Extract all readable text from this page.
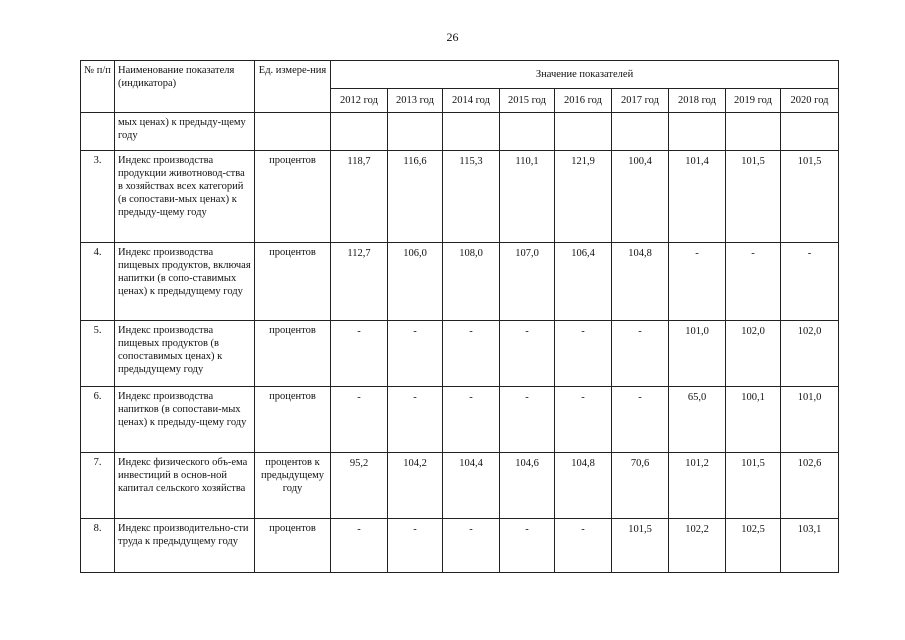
26
№ п/п	Наименование показателя (индикатора)	Ед. измере-ния	Значение показателей								
			2012 год	2013 год	2014 год	2015 год	2016 год	2017 год	2018 год	2019 год	2020 год
	мых ценах) к предыду-щему году										
3.	Индекс производства продукции животновод-ства в хозяйствах всех категорий (в сопостави-мых ценах) к предыду-щему году	процентов	118,7	116,6	115,3	110,1	121,9	100,4	101,4	101,5	101,5
4.	Индекс производства пищевых продуктов, включая напитки (в сопо-ставимых ценах) к предыдущему году	процентов	112,7	106,0	108,0	107,0	106,4	104,8	-	-	-
5.	Индекс производства пищевых продуктов (в сопоставимых ценах) к предыдущему году	процентов	-	-	-	-	-	-	101,0	102,0	102,0
6.	Индекс производства напитков (в сопостави-мых ценах) к предыду-щему году	процентов	-	-	-	-	-	-	65,0	100,1	101,0
7.	Индекс физического объ-ема инвестиций в основ-ной капитал сельского хозяйства	процентов к предыдущему году	95,2	104,2	104,4	104,6	104,8	70,6	101,2	101,5	102,6
8.	Индекс производительно-сти труда к предыдущему году	процентов	-	-	-	-	-	101,5	102,2	102,5	103,1
